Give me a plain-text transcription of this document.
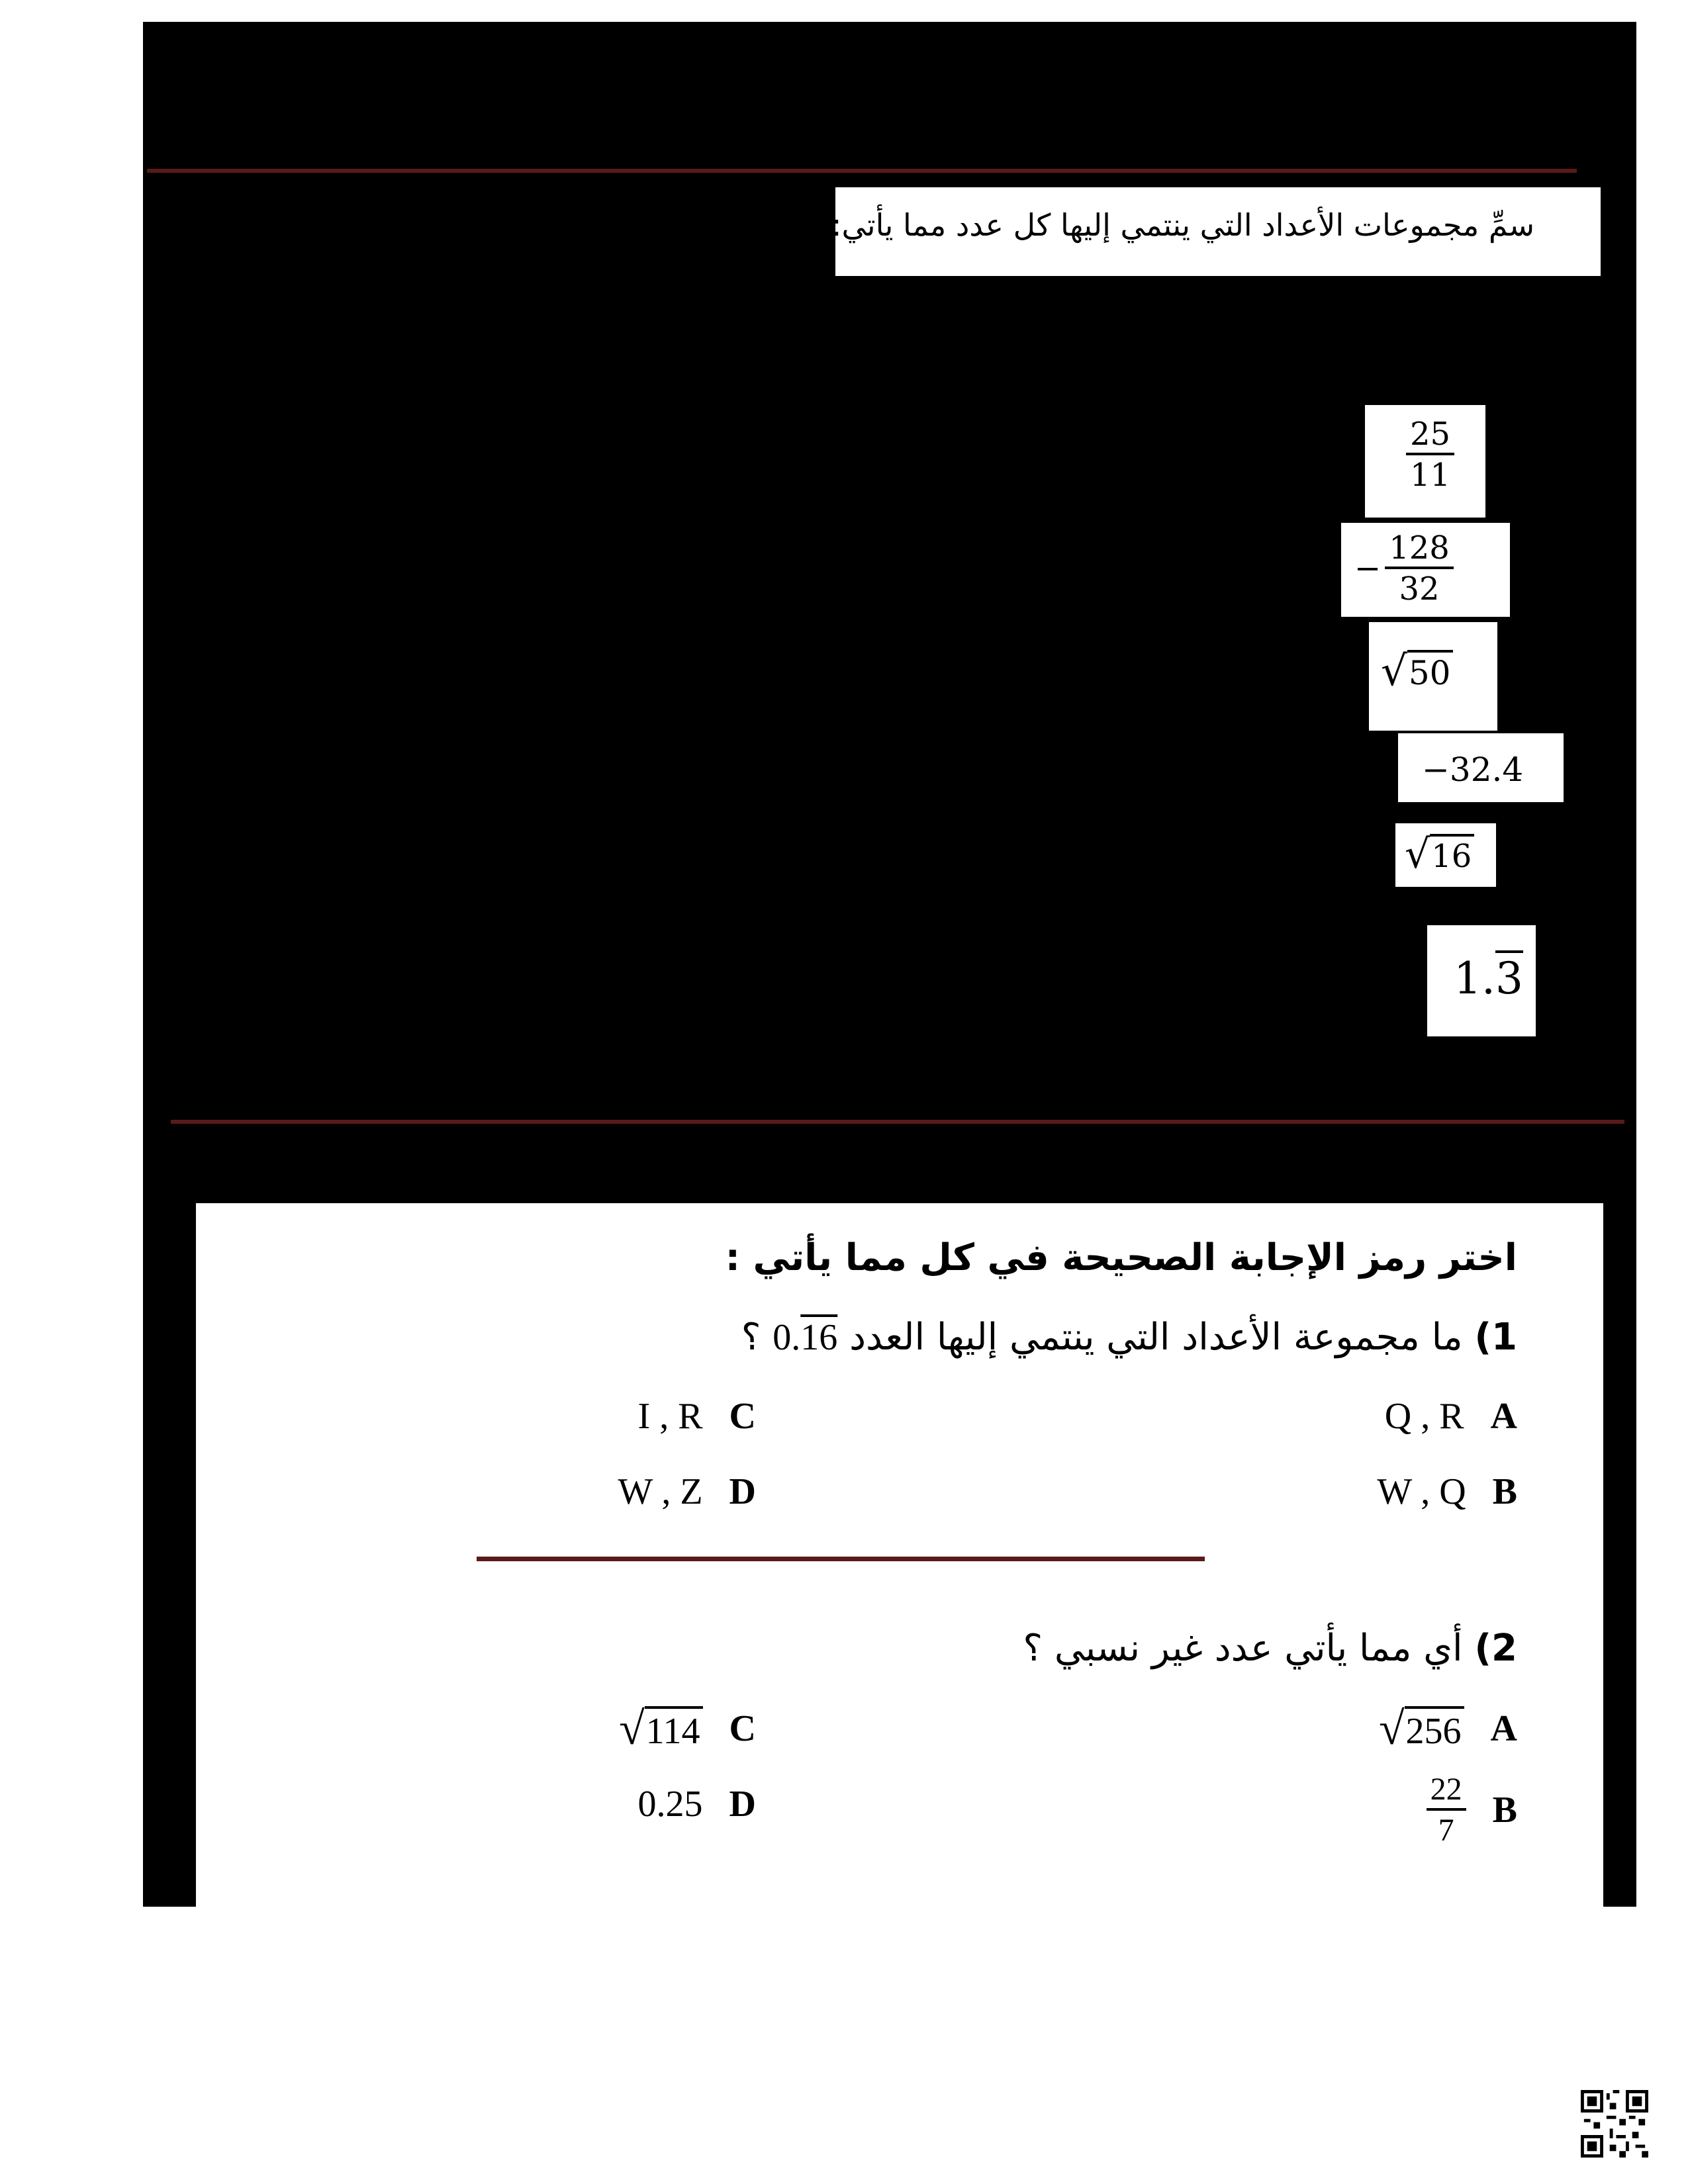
سمِّ مجموعات الأعداد التي ينتمي إليها كل عدد مما يأتي:
$\frac{25}{11}$
− $\frac{128}{32}$
√ 50
−32.4
√ 16
1.3
اختر رمز الإجابة الصحيحة في كل مما يأتي :
1) ما مجموعة الأعداد التي ينتمي إليها العدد 0.16 ؟
Q , R A
I , R C
W , Q B
W , Z D
2) أي مما يأتي عدد غير نسبي ؟
√ 256 A
√ 114 C
$\frac{22}{7}$ B
0.25 D
